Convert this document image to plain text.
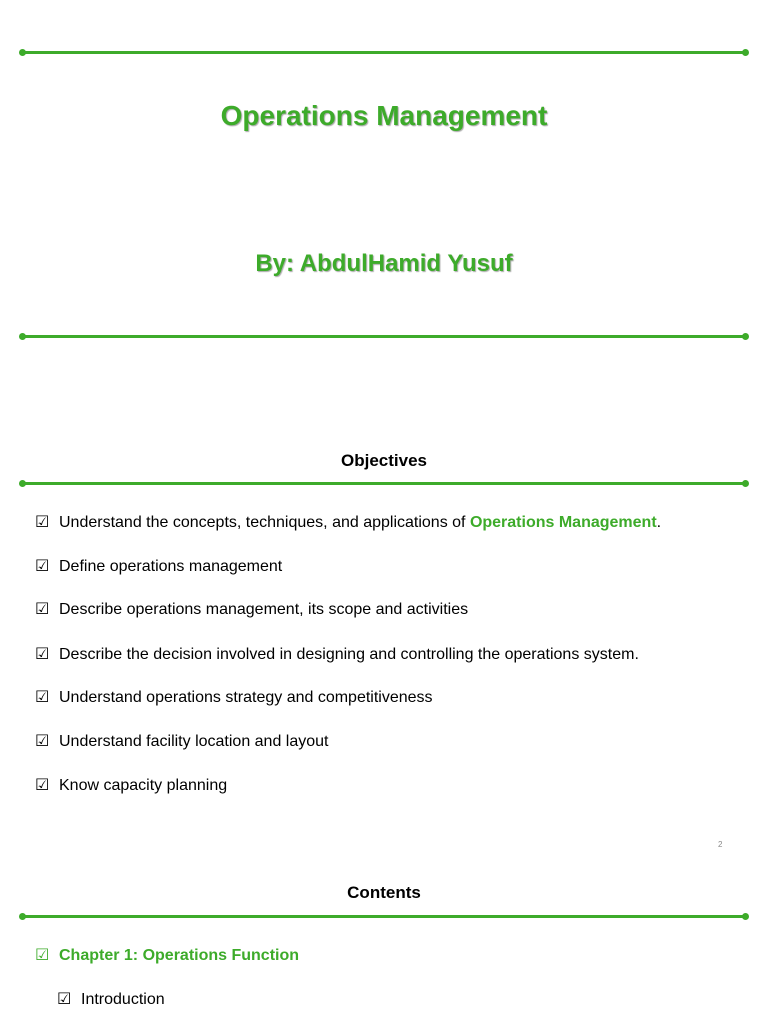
Operations Management
By: AbdulHamid Yusuf
Objectives
☑ Understand the concepts, techniques, and applications of Operations Management.
☑ Define operations management
☑ Describe operations management, its scope and activities
☑ Describe the decision involved in designing and controlling the operations system.
☑ Understand operations strategy and competitiveness
☑ Understand facility location and layout
☑ Know capacity planning
2
Contents
☑ Chapter 1: Operations Function
☑ Introduction
